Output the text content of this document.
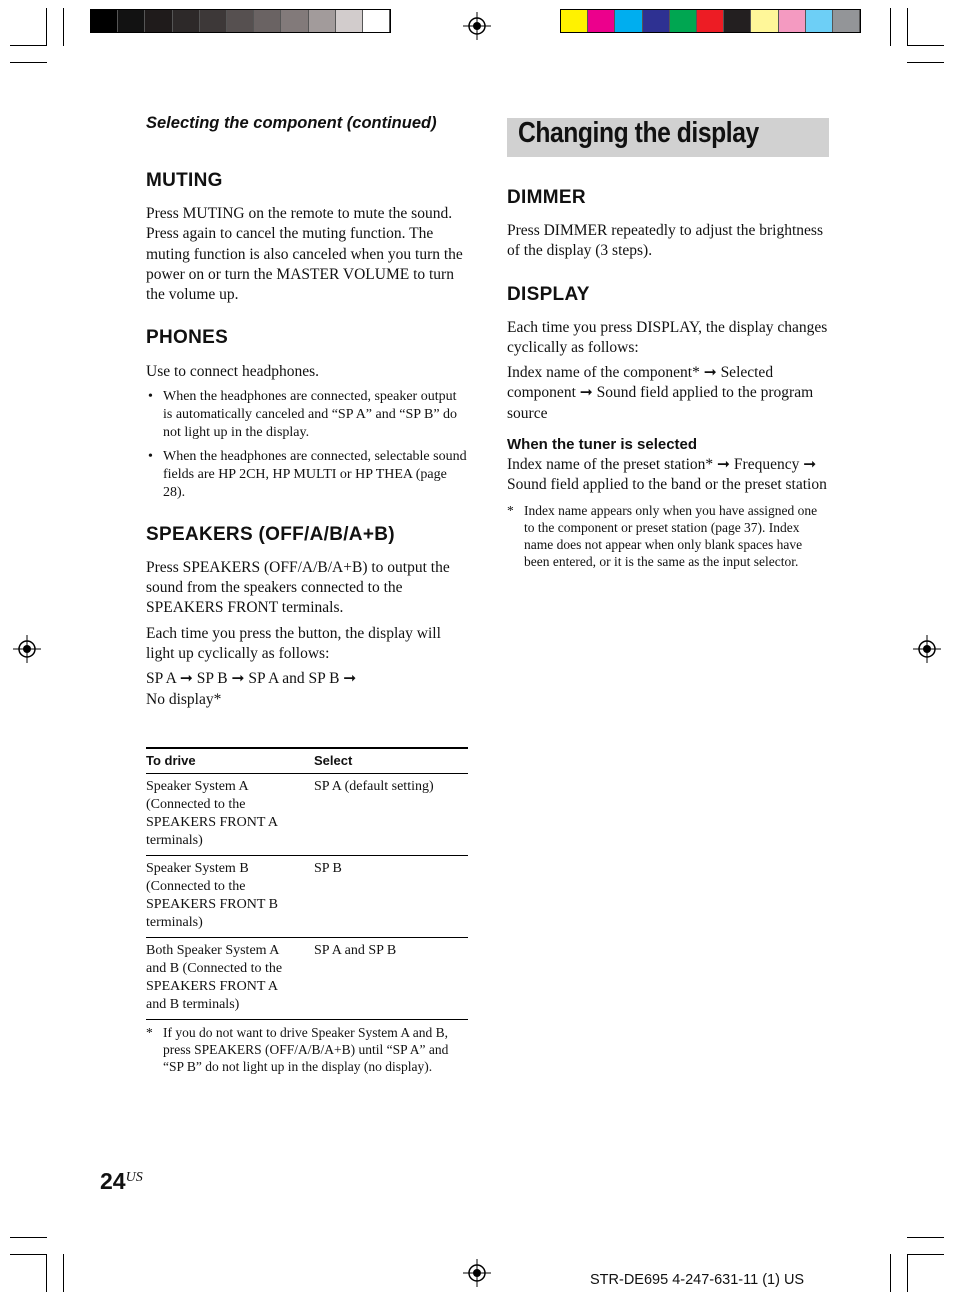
Selecting the component (continued)	Changing the display
MUTING
Press MUTING on the remote to mute the sound. Press again to cancel the muting function. The muting function is also canceled when you turn the power on or turn the MASTER VOLUME to turn the volume up.
PHONES
Use to connect headphones.
• When the headphones are connected, speaker output is automatically canceled and “SP A” and “SP B” do not light up in the display.
• When the headphones are connected, selectable sound fields are HP 2CH, HP MULTI or HP THEA (page 28).
SPEAKERS (OFF/A/B/A+B)
Press SPEAKERS (OFF/A/B/A+B) to output the sound from the speakers connected to the SPEAKERS FRONT terminals.
Each time you press the button, the display will light up cyclically as follows:
SP A ➞ SP B ➞ SP A and SP B ➞
No display*
To drive	Select
Speaker System A (Connected to the SPEAKERS FRONT A terminals)	SP A (default setting)
Speaker System B (Connected to the SPEAKERS FRONT B terminals)	SP B
Both Speaker System A and B (Connected to the SPEAKERS FRONT A and B terminals)	SP A and SP B
* If you do not want to drive Speaker System A and B, press SPEAKERS (OFF/A/B/A+B) until “SP A” and “SP B” do not light up in the display (no display).
DIMMER
Press DIMMER repeatedly to adjust the brightness of the display (3 steps).
DISPLAY
Each time you press DISPLAY, the display changes cyclically as follows:
Index name of the component* ➞ Selected component ➞ Sound field applied to the program source
When the tuner is selected
Index name of the preset station* ➞ Frequency ➞ Sound field applied to the band or the preset station
* Index name appears only when you have assigned one to the component or preset station (page 37). Index name does not appear when only blank spaces have been entered, or it is the same as the input selector.
$24^{US}$
STR-DE695 4-247-631-11 (1) US
